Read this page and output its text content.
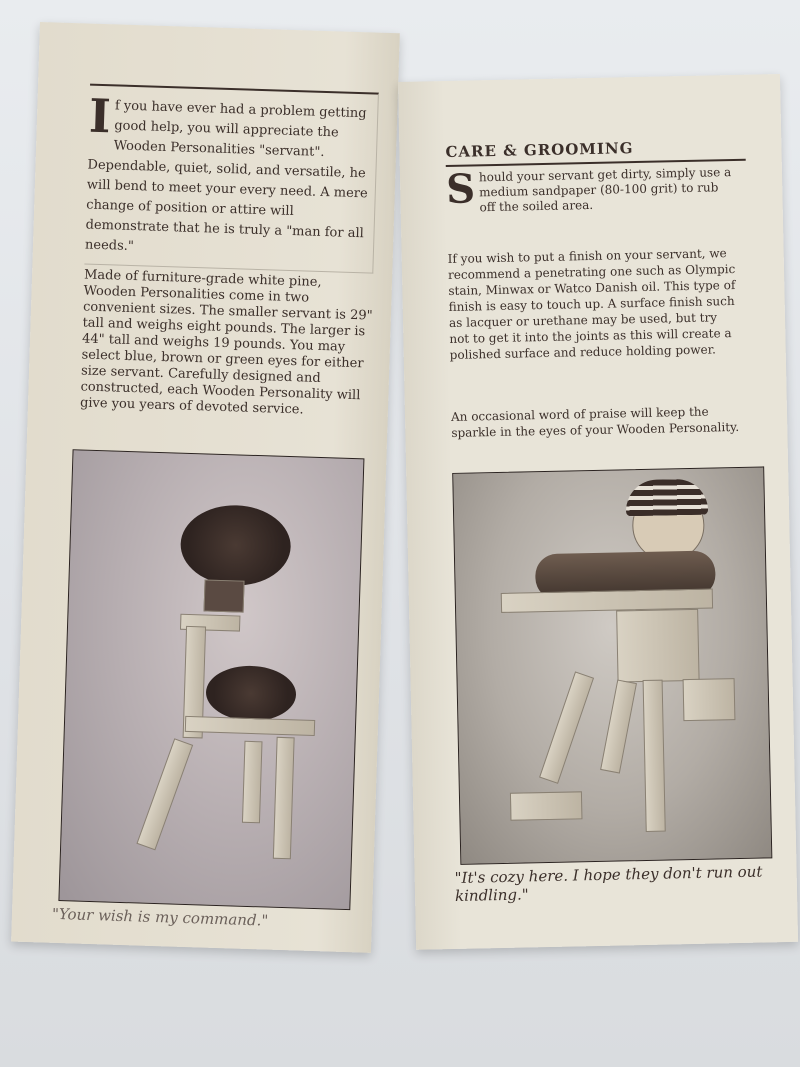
I f you have ever had a problem getting good help, you will appreciate the Wooden Personalities "servant". Dependable, quiet, solid, and versatile, he will bend to meet your every need. A mere change of position or attire will demonstrate that he is truly a "man for all needs."
Made of furniture-grade white pine, Wooden Personalities come in two convenient sizes. The smaller servant is 29" tall and weighs eight pounds. The larger is 44" tall and weighs 19 pounds. You may select blue, brown or green eyes for either size servant. Carefully designed and constructed, each Wooden Personality will give you years of devoted service.
"Your wish is my command."
CARE & GROOMING
S hould your servant get dirty, simply use a medium sandpaper (80-100 grit) to rub off the soiled area.
If you wish to put a finish on your servant, we recommend a penetrating one such as Olympic stain, Minwax or Watco Danish oil. This type of finish is easy to touch up. A surface finish such as lacquer or urethane may be used, but try not to get it into the joints as this will create a polished surface and reduce holding power.
An occasional word of praise will keep the sparkle in the eyes of your Wooden Personality.
"It's cozy here. I hope they don't run out kindling."
